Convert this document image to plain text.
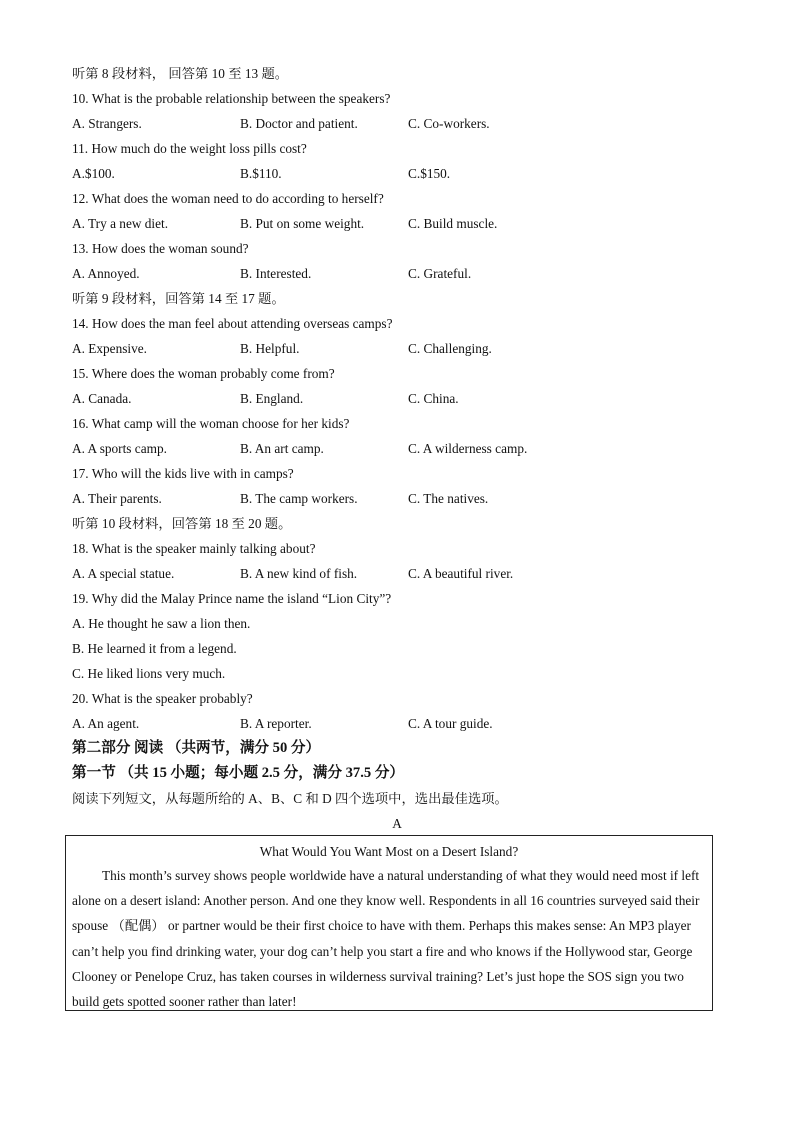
听第 8 段材料， 回答第 10 至 13 题。
10. What is the probable relationship between the speakers?
A. Strangers.	B. Doctor and patient.	C. Co-workers.
11. How much do the weight loss pills cost?
A.$100.	B.$110.	C.$150.
12. What does the woman need to do according to herself?
A. Try a new diet.	B. Put on some weight.	C. Build muscle.
13. How does the woman sound?
A. Annoyed.	B. Interested.	C. Grateful.
听第 9 段材料，回答第 14 至 17 题。
14. How does the man feel about attending overseas camps?
A. Expensive.	B. Helpful.	C. Challenging.
15. Where does the woman probably come from?
A. Canada.	B. England.	C. China.
16. What camp will the woman choose for her kids?
A. A sports camp.	B. An art camp.	C. A wilderness camp.
17. Who will the kids live with in camps?
A. Their parents.	B. The camp workers.	C. The natives.
听第 10 段材料，回答第 18 至 20 题。
18. What is the speaker mainly talking about?
A. A special statue.	B. A new kind of fish.	C. A beautiful river.
19. Why did the Malay Prince name the island “Lion City”?
A. He thought he saw a lion then.
B. He learned it from a legend.
C. He liked lions very much.
20. What is the speaker probably?
A. An agent.	B. A reporter.	C. A tour guide.
第二部分 阅读 （共两节，满分 50 分）
第一节 （共 15 小题；每小题 2.5 分，满分 37.5 分）
阅读下列短文，从每题所给的 A、B、C 和 D 四个选项中，选出最佳选项。
A
What Would You Want Most on a Desert Island?
This month’s survey shows people worldwide have a natural understanding of what they would need most if left alone on a desert island: Another person. And one they know well. Respondents in all 16 countries surveyed said their spouse （配偶） or partner would be their first choice to have with them. Perhaps this makes sense: An MP3 player can’t help you find drinking water, your dog can’t help you start a fire and who knows if the Hollywood star, George Clooney or Penelope Cruz, has taken courses in wilderness survival training? Let’s just hope the SOS sign you two build gets spotted sooner rather than later!
